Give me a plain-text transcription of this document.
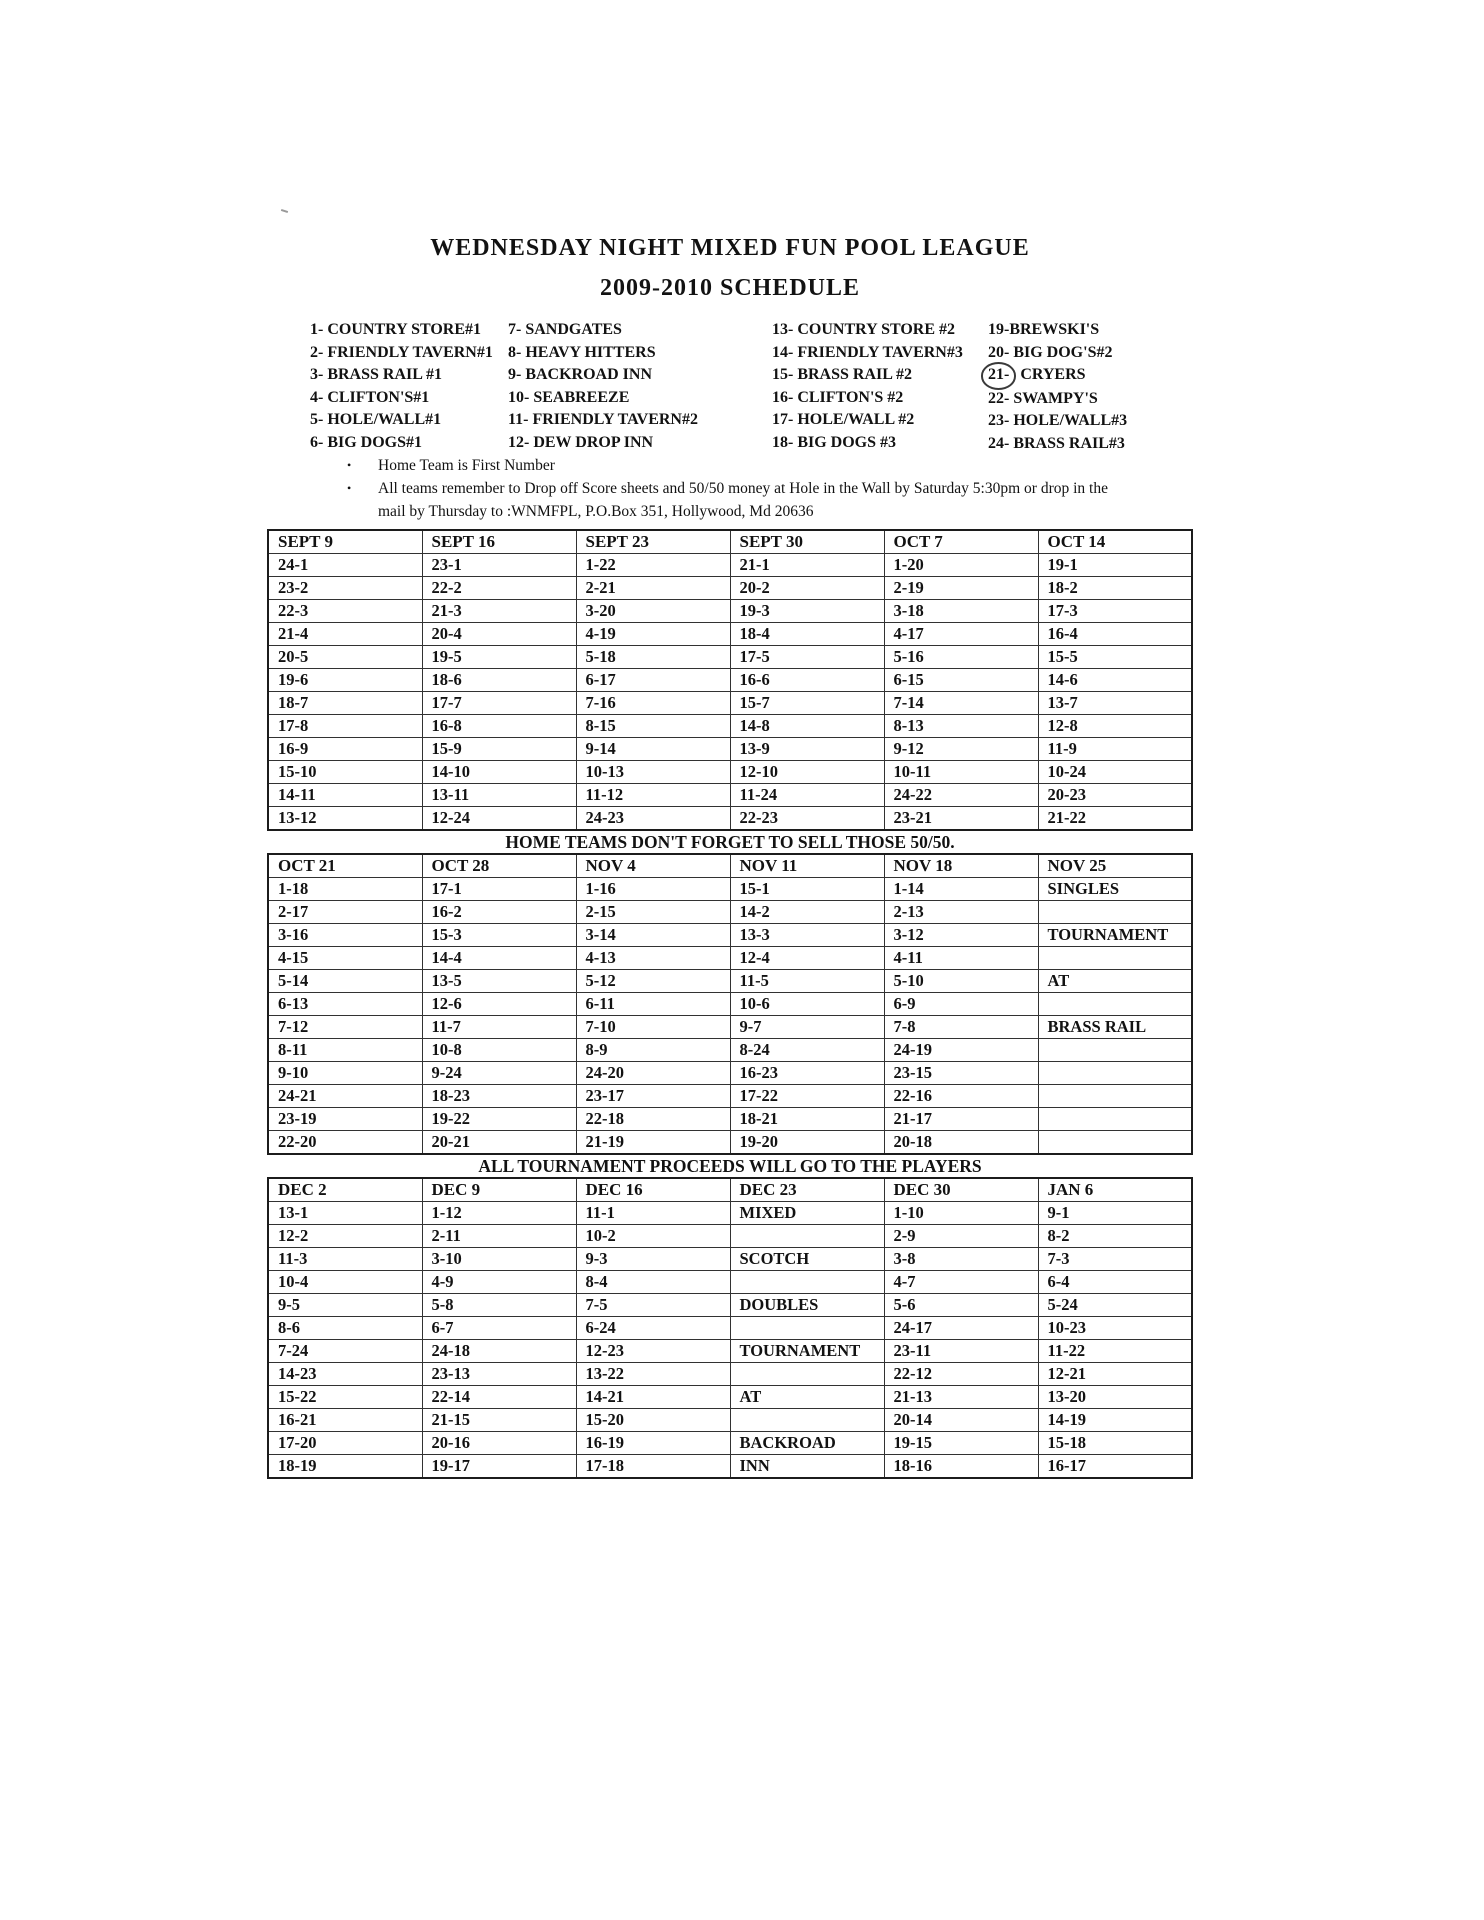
WEDNESDAY NIGHT MIXED FUN POOL LEAGUE
2009-2010 SCHEDULE
1- COUNTRY STORE#1
2- FRIENDLY TAVERN#1
3- BRASS RAIL #1
4- CLIFTON'S#1
5- HOLE/WALL#1
6- BIG DOGS#1
7- SANDGATES
8- HEAVY HITTERS
9- BACKROAD INN
10- SEABREEZE
11- FRIENDLY TAVERN#2
12- DEW DROP INN
13- COUNTRY STORE #2
14- FRIENDLY TAVERN#3
15- BRASS RAIL #2
16- CLIFTON'S #2
17- HOLE/WALL #2
18- BIG DOGS #3
19-BREWSKI'S
20- BIG DOG'S#2
21- CRYERS
22- SWAMPY'S
23- HOLE/WALL#3
24- BRASS RAIL#3
•	Home Team is First Number
•	All teams remember to Drop off Score sheets and 50/50 money at Hole in the Wall by Saturday 5:30pm or drop in the
mail by Thursday to :WNMFPL, P.O.Box 351, Hollywood, Md 20636
SEPT 9	SEPT 16	SEPT 23	SEPT 30	OCT 7	OCT 14
24-1	23-1	1-22	21-1	1-20	19-1
23-2	22-2	2-21	20-2	2-19	18-2
22-3	21-3	3-20	19-3	3-18	17-3
21-4	20-4	4-19	18-4	4-17	16-4
20-5	19-5	5-18	17-5	5-16	15-5
19-6	18-6	6-17	16-6	6-15	14-6
18-7	17-7	7-16	15-7	7-14	13-7
17-8	16-8	8-15	14-8	8-13	12-8
16-9	15-9	9-14	13-9	9-12	11-9
15-10	14-10	10-13	12-10	10-11	10-24
14-11	13-11	11-12	11-24	24-22	20-23
13-12	12-24	24-23	22-23	23-21	21-22
HOME TEAMS DON'T FORGET TO SELL THOSE 50/50.
OCT 21	OCT 28	NOV 4	NOV 11	NOV 18	NOV 25
1-18	17-1	1-16	15-1	1-14	SINGLES
2-17	16-2	2-15	14-2	2-13	
3-16	15-3	3-14	13-3	3-12	TOURNAMENT
4-15	14-4	4-13	12-4	4-11	
5-14	13-5	5-12	11-5	5-10	AT
6-13	12-6	6-11	10-6	6-9	
7-12	11-7	7-10	9-7	7-8	BRASS RAIL
8-11	10-8	8-9	8-24	24-19	
9-10	9-24	24-20	16-23	23-15	
24-21	18-23	23-17	17-22	22-16	
23-19	19-22	22-18	18-21	21-17	
22-20	20-21	21-19	19-20	20-18	
ALL TOURNAMENT PROCEEDS WILL GO TO THE PLAYERS
DEC 2	DEC 9	DEC 16	DEC 23	DEC 30	JAN 6
13-1	1-12	11-1	MIXED	1-10	9-1
12-2	2-11	10-2		2-9	8-2
11-3	3-10	9-3	SCOTCH	3-8	7-3
10-4	4-9	8-4		4-7	6-4
9-5	5-8	7-5	DOUBLES	5-6	5-24
8-6	6-7	6-24		24-17	10-23
7-24	24-18	12-23	TOURNAMENT	23-11	11-22
14-23	23-13	13-22		22-12	12-21
15-22	22-14	14-21	AT	21-13	13-20
16-21	21-15	15-20		20-14	14-19
17-20	20-16	16-19	BACKROAD	19-15	15-18
18-19	19-17	17-18	INN	18-16	16-17
